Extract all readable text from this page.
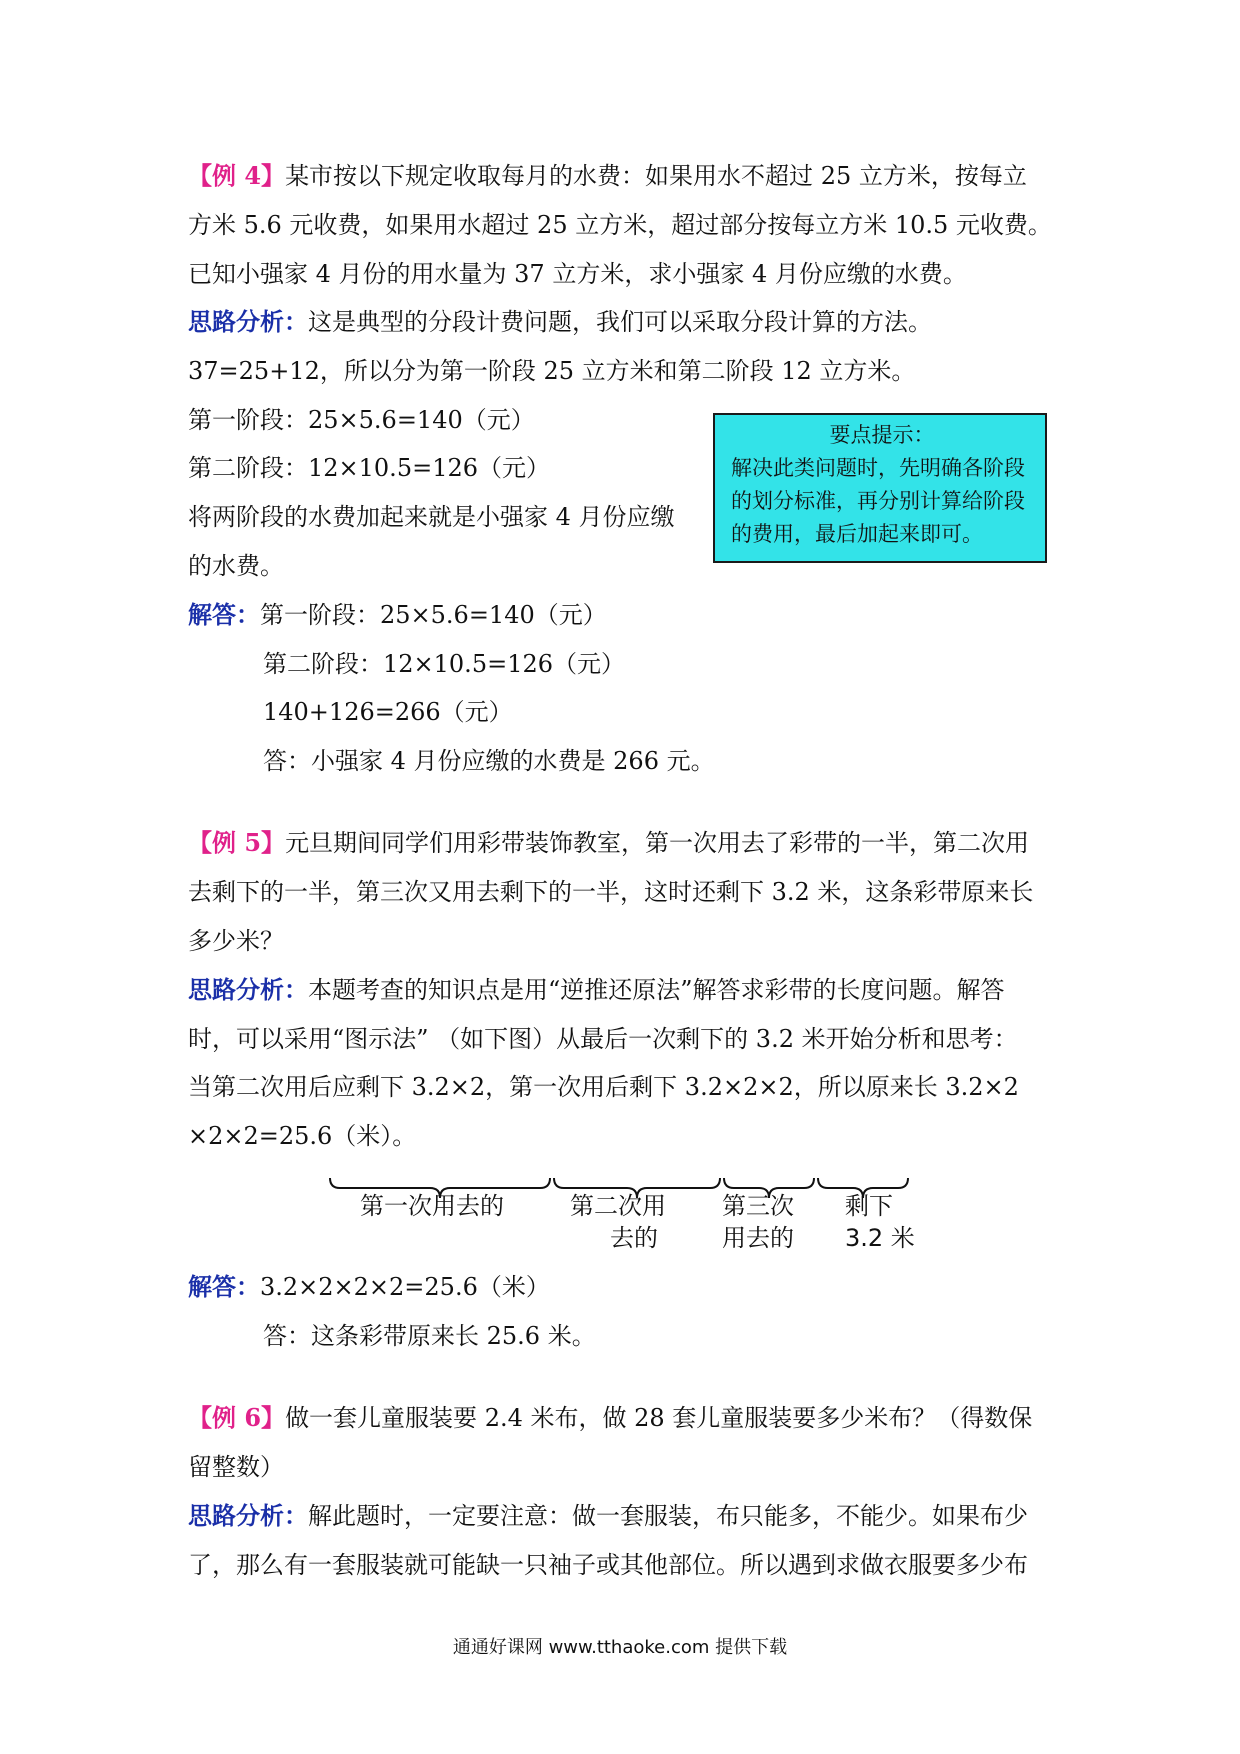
【例 4】某市按以下规定收取每月的水费：如果用水不超过 25 立方米，按每立
方米 5.6 元收费，如果用水超过 25 立方米，超过部分按每立方米 10.5 元收费。
已知小强家 4 月份的用水量为 37 立方米，求小强家 4 月份应缴的水费。
思路分析：这是典型的分段计费问题，我们可以采取分段计算的方法。
37=25+12，所以分为第一阶段 25 立方米和第二阶段 12 立方米。
第一阶段：25×5.6=140（元）
第二阶段：12×10.5=126（元）
将两阶段的水费加起来就是小强家 4 月份应缴
的水费。
要点提示：
解决此类问题时，先明确各阶段
的划分标准，再分别计算给阶段
的费用，最后加起来即可。
解答：第一阶段：25×5.6=140（元）
第二阶段：12×10.5=126（元）
140+126=266（元）
答：小强家 4 月份应缴的水费是 266 元。
【例 5】元旦期间同学们用彩带装饰教室，第一次用去了彩带的一半，第二次用
去剩下的一半，第三次又用去剩下的一半，这时还剩下 3.2 米，这条彩带原来长
多少米？
思路分析：本题考查的知识点是用“逆推还原法”解答求彩带的长度问题。解答
时，可以采用“图示法” （如下图）从最后一次剩下的 3.2 米开始分析和思考：
当第二次用后应剩下 3.2×2，第一次用后剩下 3.2×2×2，所以原来长 3.2×2
×2×2=25.6（米）。
第一次用去的	第二次用
去的
第三次
用去的
剩下
3.2 米
解答：3.2×2×2×2=25.6（米）
答：这条彩带原来长 25.6 米。
【例 6】做一套儿童服装要 2.4 米布，做 28 套儿童服装要多少米布？（得数保
留整数）
思路分析：解此题时，一定要注意：做一套服装，布只能多，不能少。如果布少
了，那么有一套服装就可能缺一只袖子或其他部位。所以遇到求做衣服要多少布
通通好课网 www.tthaoke.com 提供下载
